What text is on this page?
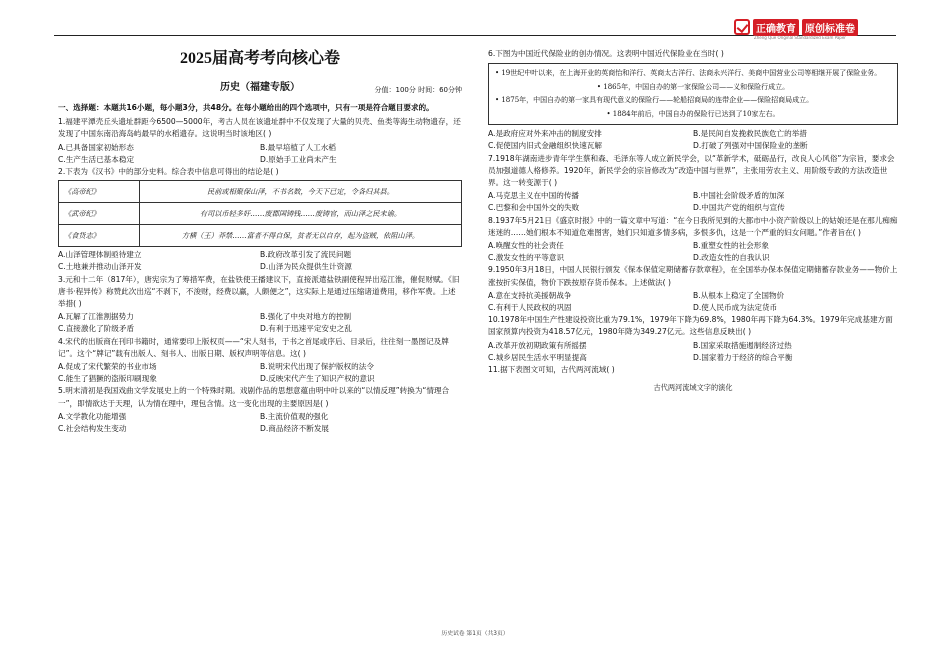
正确教育 原创标准卷
Zheng Que Original Standardized Exam Paper
2025届高考考向核心卷
历史（福建专版）	分值：100分 时间：60分钟
一、选择题：本题共16小题，每小题3分，共48分。在每小题给出的四个选项中，只有一项是符合题目要求的。

1.福建平潭壳丘头遗址群距今6500—5000年，考古人员在该遗址群中不仅发现了大量的贝壳、鱼类等海生动物遗存，还发现了中国东南沿海岛屿最早的水稻遗存。这说明当时该地区( )

A.已具备国家初始形态	B.最早培植了人工水稻
C.生产生活已基本稳定	D.原始手工业尚未产生

2.下表为《汉书》中的部分史料。综合表中信息可得出的结论是( )

《高帝纪》	民前或相聚保山泽，不书名数，今天下已定，令各归其县。
《武帝纪》	有司以币轻多奸……废郡国铸钱……废铸官，而山泽之民未谕。
《食货志》	方横（王）莽禁……富者不得自保，贫者无以自存，起为盗贼，依阻山泽。
A.山泽管理体制亟待建立	B.政府改革引发了流民问题
C.土地兼并推动山泽开发	D.山泽为民众提供生计资源

3.元和十二年（817年），唐宪宗为了筹措军费，在盐铁使王播建议下，直接派遣盐铁副使程异出巡江淮，催促财赋。《旧唐书·程异传》称赞此次出巡“不剥下，不浚财，经费以赢，人颇便之”，这实际上是通过压缩诸道费用，移作军费。上述举措( )

A.瓦解了江淮割据势力	B.强化了中央对地方的控制
C.直接激化了阶级矛盾	D.有利于迅速平定安史之乱

4.宋代的出版商在刊印书籍时，通常要印上版权页——“宋人刻书，于书之首尾或序后、目录后，往往刻一墨图记及牌记”。这个“牌记”载有出版人、刻书人、出版日期、版权声明等信息。这( )

A.促成了宋代繁荣的书业市场	B.说明宋代出现了保护版权的法令
C.能生了猖獗的盗版印刷现象	D.反映宋代产生了知识产权的意识

5.明末清初是我国戏曲文学发展史上的一个特殊时期。戏剧作品的思想意蕴由明中叶以来的“以情反理”转换为“情理合一”，即情欲达于天理，认为情在理中，理包含情。这一变化出现的主要原因是( )

A.文学教化功能增强	B.主流价值观的强化
C.社会结构发生变动	D.商品经济不断发展

6.下图为中国近代保险业的创办情况。这表明中国近代保险业在当时( )

• 19世纪中叶以来，在上海开业的英商怡和洋行、英商太古洋行、法商永兴洋行、美商中国营业公司等相继开展了保险业务。
• 1865年，中国自办的第一家保险公司——义和保险行成立。
• 1875年，中国自办的第一家具有现代意义的保险行——轮船招商局的连带企业——保险招商局成立。
• 1884年前后，中国自办的保险行已达到了10家左右。
A.是政府应对外来冲击的制度安排	B.是民间自发挽救民族危亡的举措
C.促使国内旧式金融组织快速瓦解	D.打破了列强对中国保险业的垄断

7.1918年湖南进步青年学生蔡和森、毛泽东等人成立新民学会，以“革新学术，砥砺品行，改良人心风俗”为宗旨，要求会员加强道德人格修养。1920年，新民学会的宗旨修改为“改造中国与世界”，主张用劳农主义、用阶级专政的方法改造世界。这一转变源于( )

A.马克思主义在中国的传播	B.中国社会阶级矛盾的加深
C.巴黎和会中国外交的失败	D.中国共产党的组织与宣传

8.1937年5月21日《盛京时报》中的一篇文章中写道：“在今日我所见到的大都市中小资产阶级以上的姑娘还是在那儿痴痴迷迷的……她们根本不知道危难图害，她们只知道多情多病，多恨多仇，这是一个严重的妇女问题。”作者旨在( )

A.唤醒女性的社会责任	B.重塑女性的社会形象
C.激发女性的平等意识	D.改造女性的自我认识

9.1950年3月18日，中国人民银行颁发《保本保值定期储蓄存款章程》，在全国举办保本保值定期储蓄存款业务——物价上涨按折实保值，物价下跌按原存货币保本。上述做法( )

A.意在支持抗美援朝战争	B.从根本上稳定了全国物价
C.有利于人民政权的巩固	D.使人民币成为法定货币

10.1978年中国生产性建设投资比重为79.1%，1979年下降为69.8%，1980年再下降为64.3%。1979年完成基建方面国家预算内投资为418.57亿元，1980年降为349.27亿元。这些信息反映出( )

A.改革开放初期政策有所摇摆	B.国家采取措施遏制经济过热
C.城乡居民生活水平明显提高	D.国家着力于经济的综合平衡

11.据下表图文可知，古代两河流域( )

古代两河流域文字的演化
历史试卷 第1页（共3页）
